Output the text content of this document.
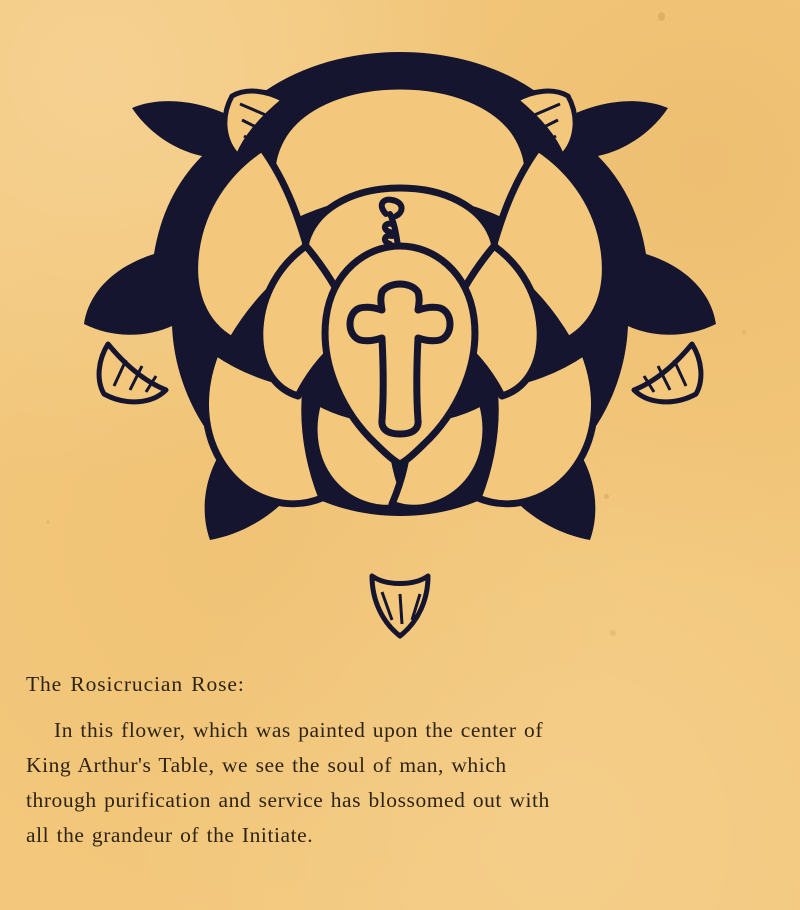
The Rosicrucian Rose:

In this flower, which was painted upon the center of
King Arthur's Table, we see the soul of man, which
through purification and service has blossomed out with
all the grandeur of the Initiate.
